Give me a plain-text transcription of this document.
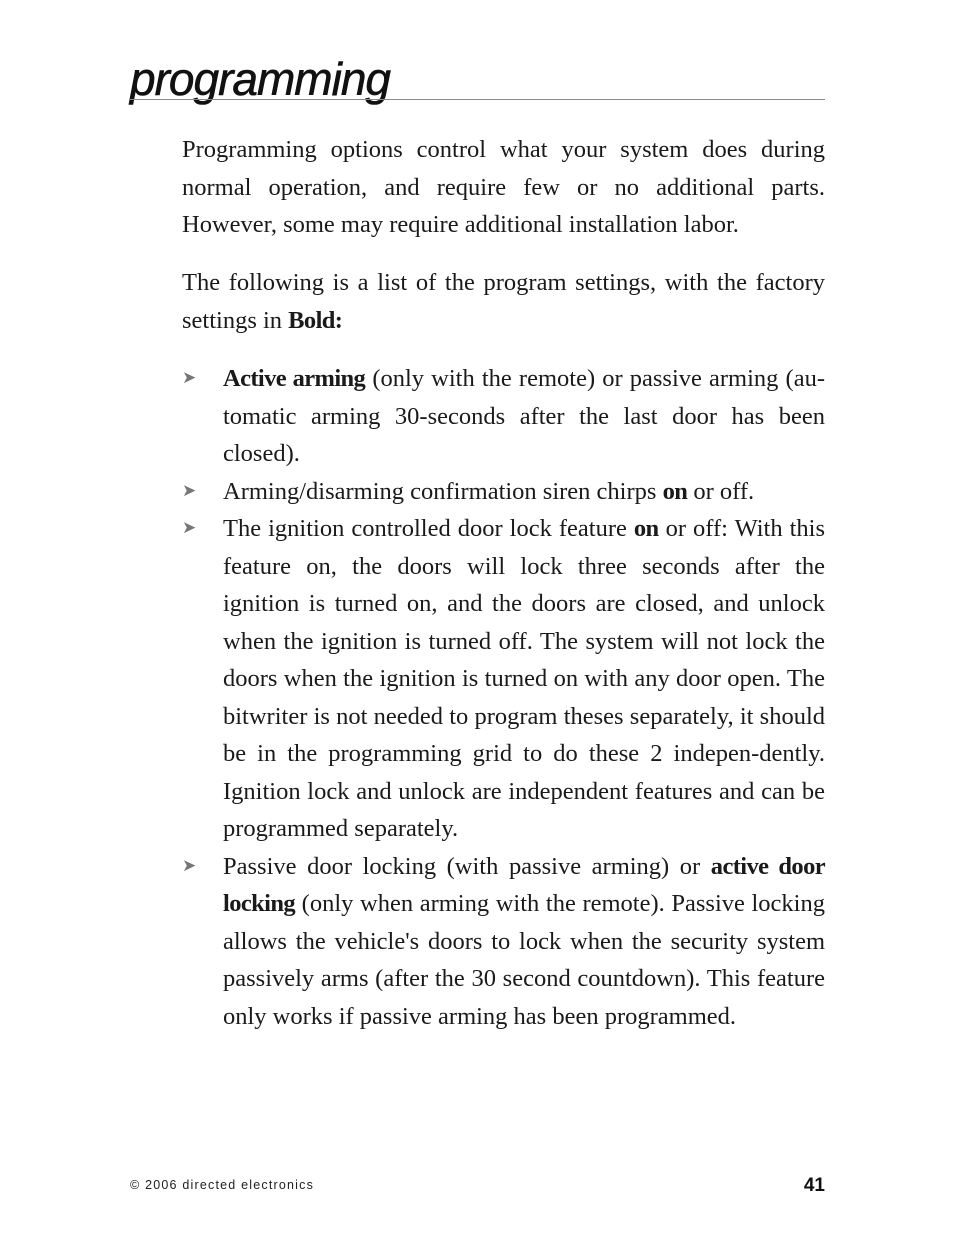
programming
Programming options control what your system does during normal operation, and require few or no additional parts. However, some may require additional installation labor.
The following is a list of the program settings, with the factory settings in Bold:
➤ Active arming (only with the remote) or passive arming (au-tomatic arming 30-seconds after the last door has been closed).
➤ Arming/disarming confirmation siren chirps on or off.
➤ The ignition controlled door lock feature on or off: With this feature on, the doors will lock three seconds after the ignition is turned on, and the doors are closed, and unlock when the ignition is turned off. The system will not lock the doors when the ignition is turned on with any door open. The bitwriter is not needed to program theses separately, it should be in the programming grid to do these 2 indepen-dently. Ignition lock and unlock are independent features and can be programmed separately.
➤ Passive door locking (with passive arming) or active door locking (only when arming with the remote). Passive locking allows the vehicle's doors to lock when the security system passively arms (after the 30 second countdown). This feature only works if passive arming has been programmed.
© 2006 directed electronics	41
